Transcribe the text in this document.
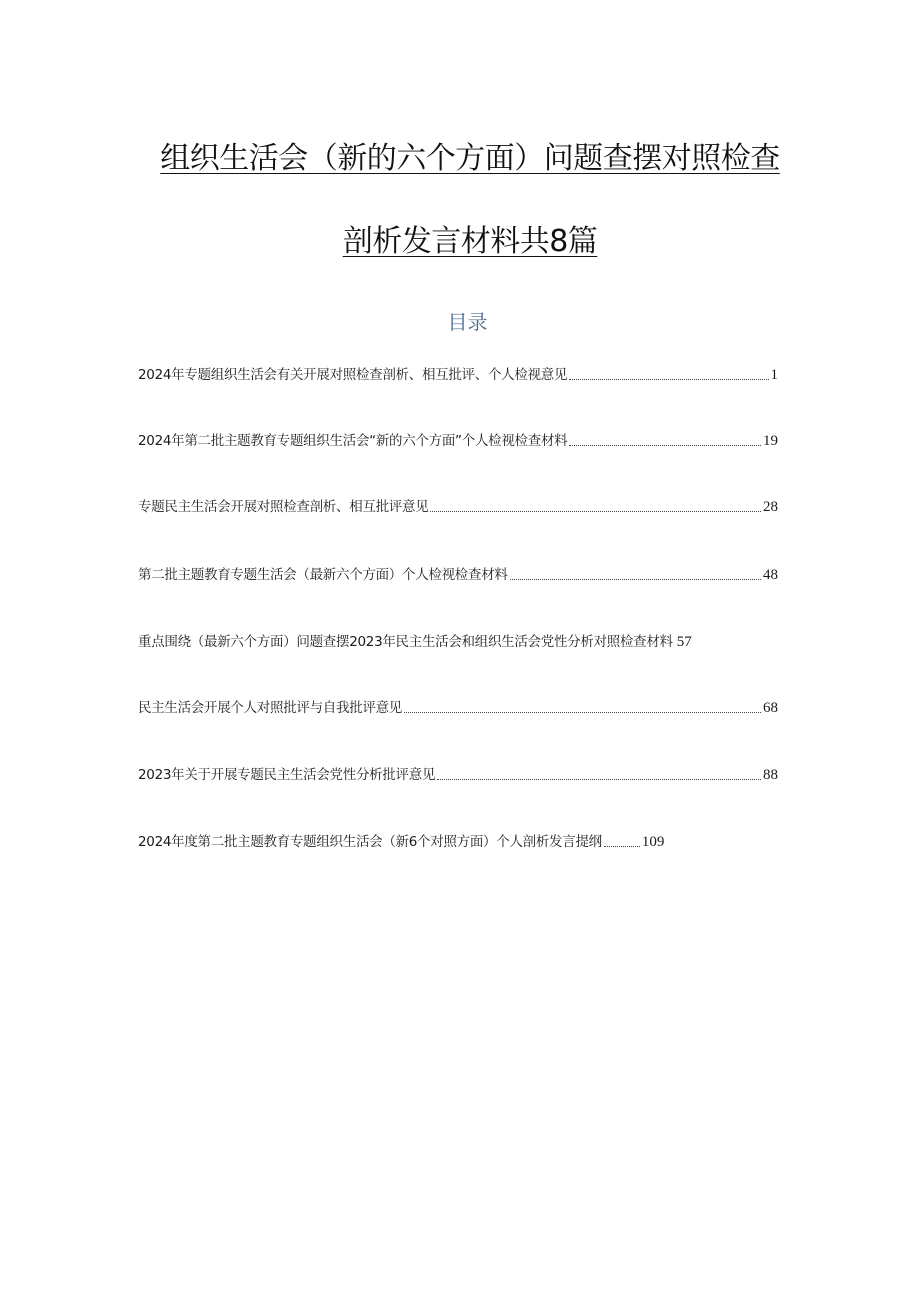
组织生活会（新的六个方面）问题查摆对照检查
剖析发言材料共8篇
目录
2024年专题组织生活会有关开展对照检查剖析、相互批评、个人检视意见	1
2024年第二批主题教育专题组织生活会“新的六个方面”个人检视检查材料	19
专题民主生活会开展对照检查剖析、相互批评意见	28
第二批主题教育专题生活会（最新六个方面）个人检视检查材料	48
重点围绕（最新六个方面）问题查摆2023年民主生活会和组织生活会党性分析对照检查材料 57
民主生活会开展个人对照批评与自我批评意见	68
2023年关于开展专题民主生活会党性分析批评意见	88
2024年度第二批主题教育专题组织生活会（新6个对照方面）个人剖析发言提纲	109
